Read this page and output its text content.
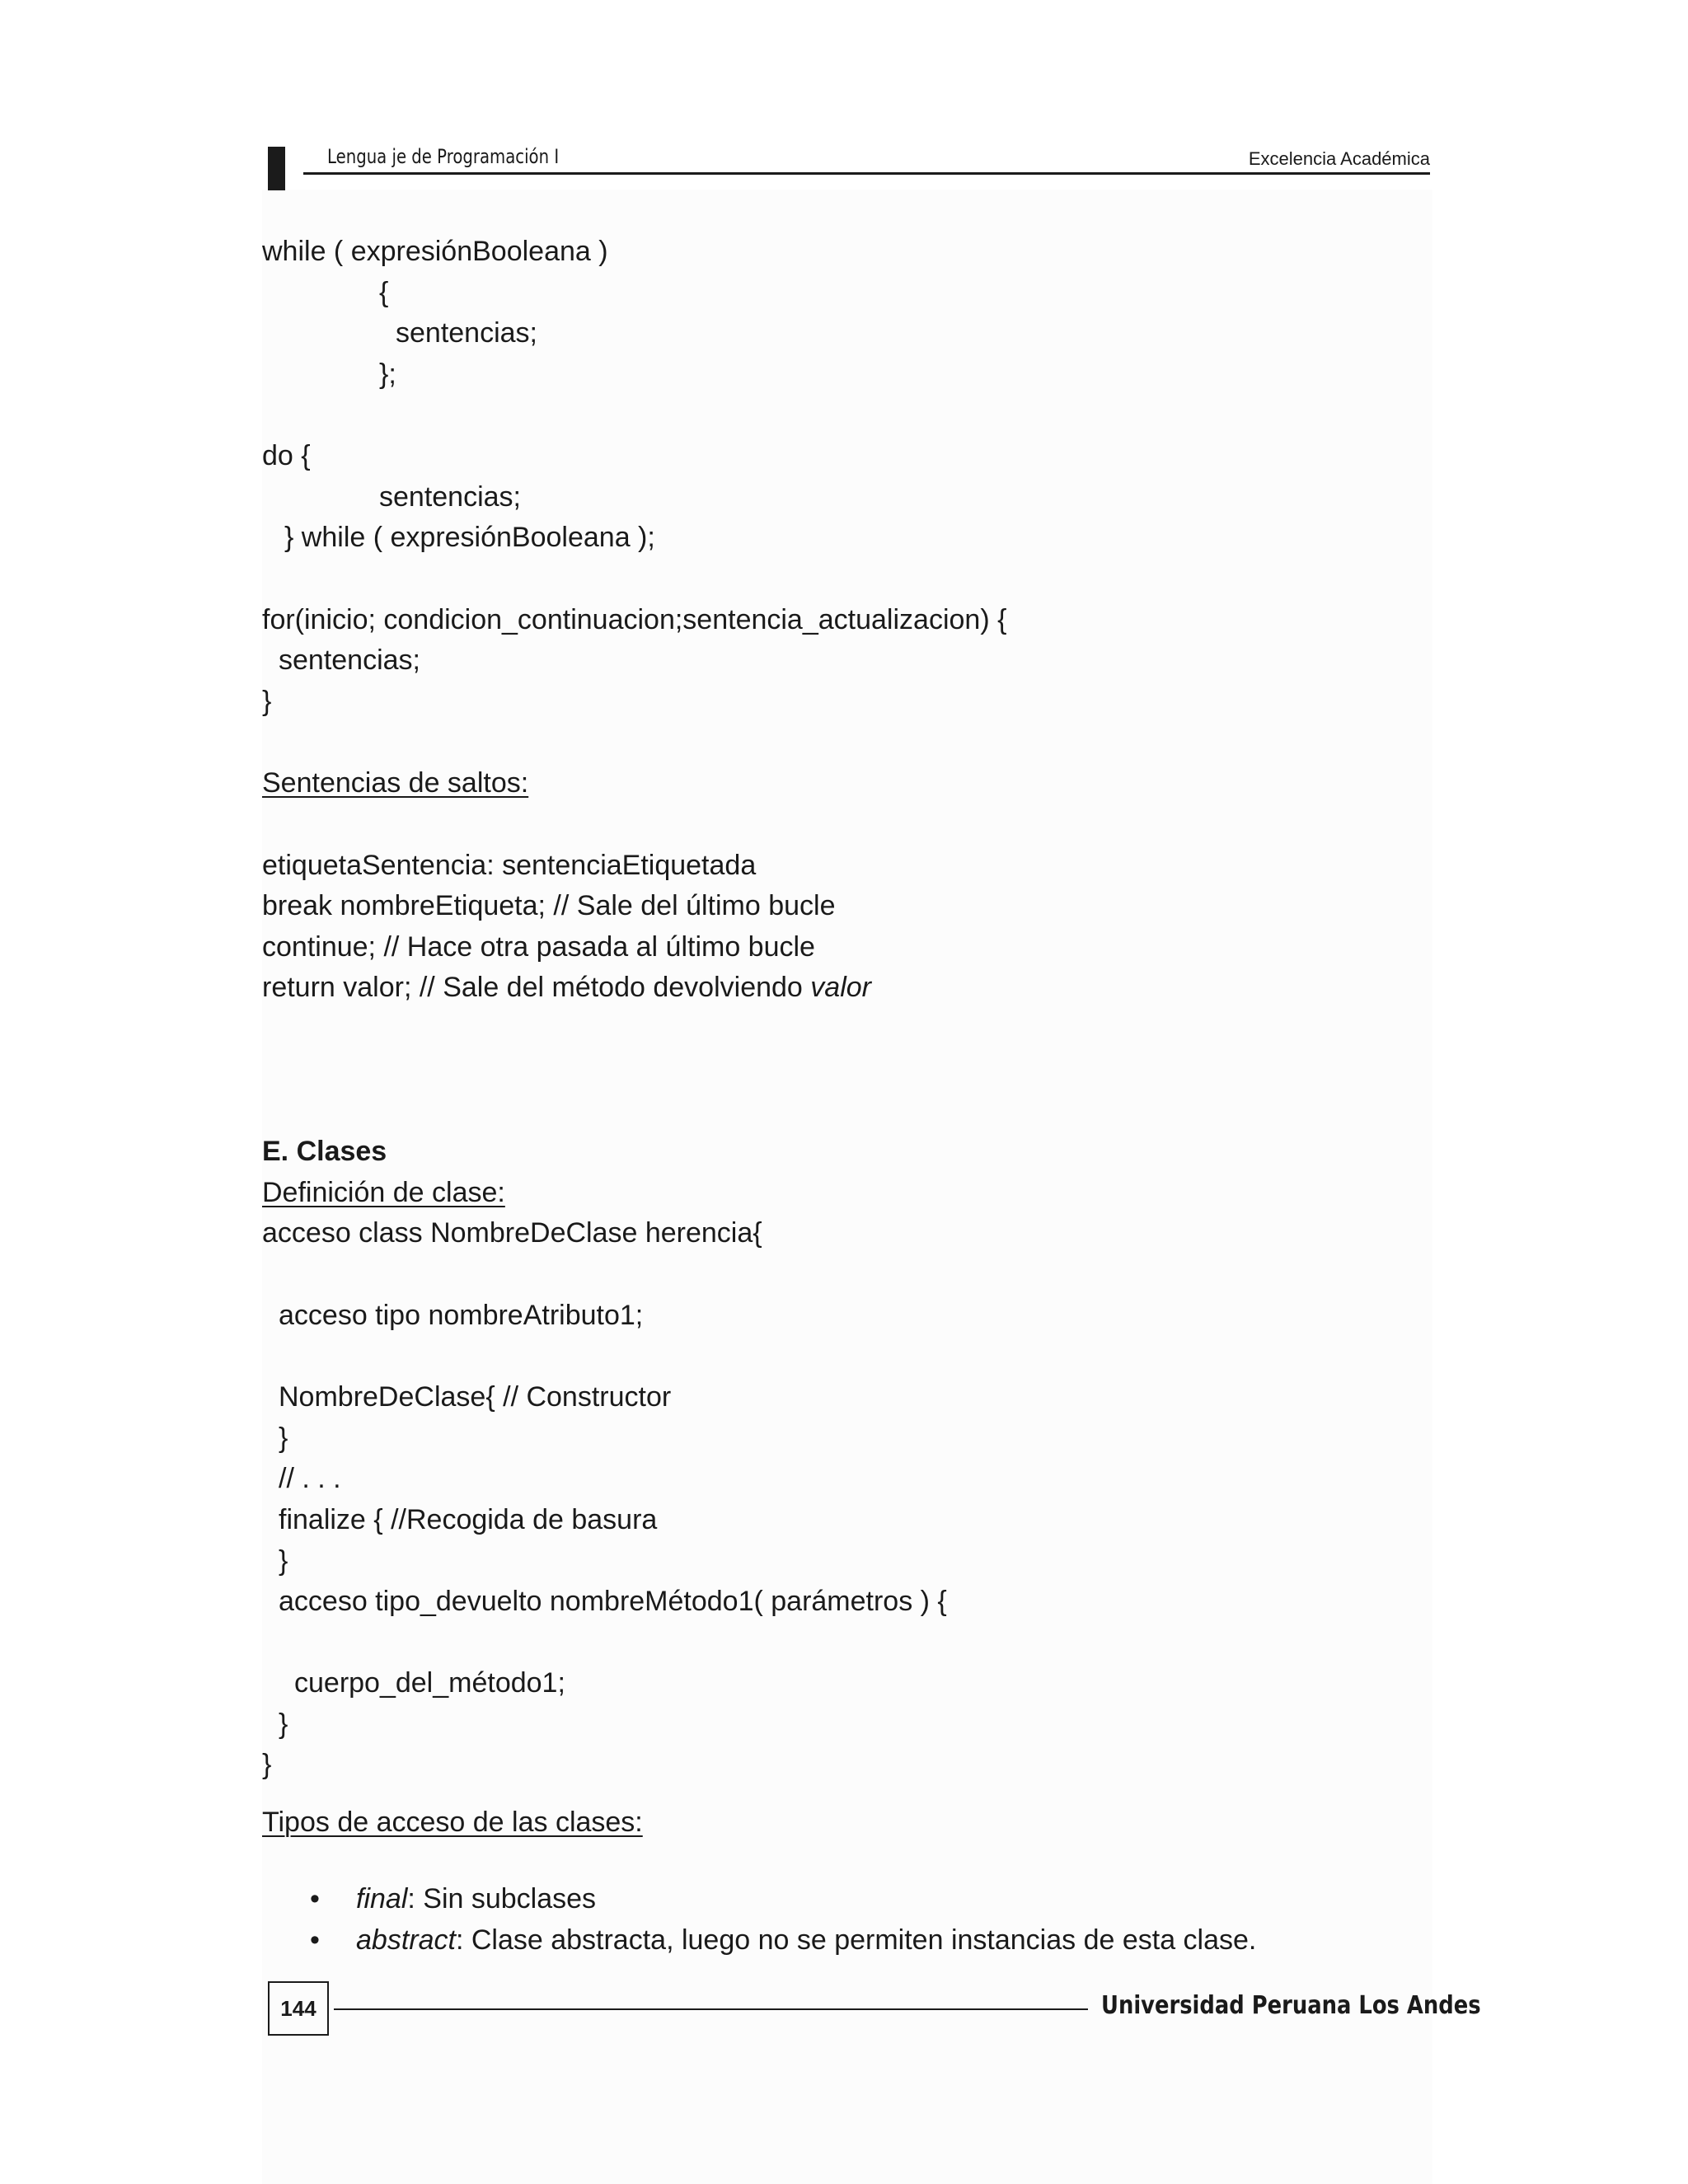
Lengua je de Programación I	Excelencia Académica
while ( expresiónBooleana )
{
sentencias;
};
do {
sentencias;
} while ( expresiónBooleana );
for(inicio; condicion_continuacion;sentencia_actualizacion) {
sentencias;
}
Sentencias de saltos:
etiquetaSentencia: sentenciaEtiquetada
break nombreEtiqueta; // Sale del último bucle
continue; // Hace otra pasada al último bucle
return valor; // Sale del método devolviendo valor
E. Clases
Definición de clase:
acceso class NombreDeClase herencia{
acceso tipo nombreAtributo1;
NombreDeClase{ // Constructor
}
// . . .
finalize { //Recogida de basura
}
acceso tipo_devuelto nombreMétodo1( parámetros ) {
cuerpo_del_método1;
}
}
Tipos de acceso de las clases:
• final: Sin subclases
• abstract: Clase abstracta, luego no se permiten instancias de esta clase.
144	Universidad Peruana Los Andes
